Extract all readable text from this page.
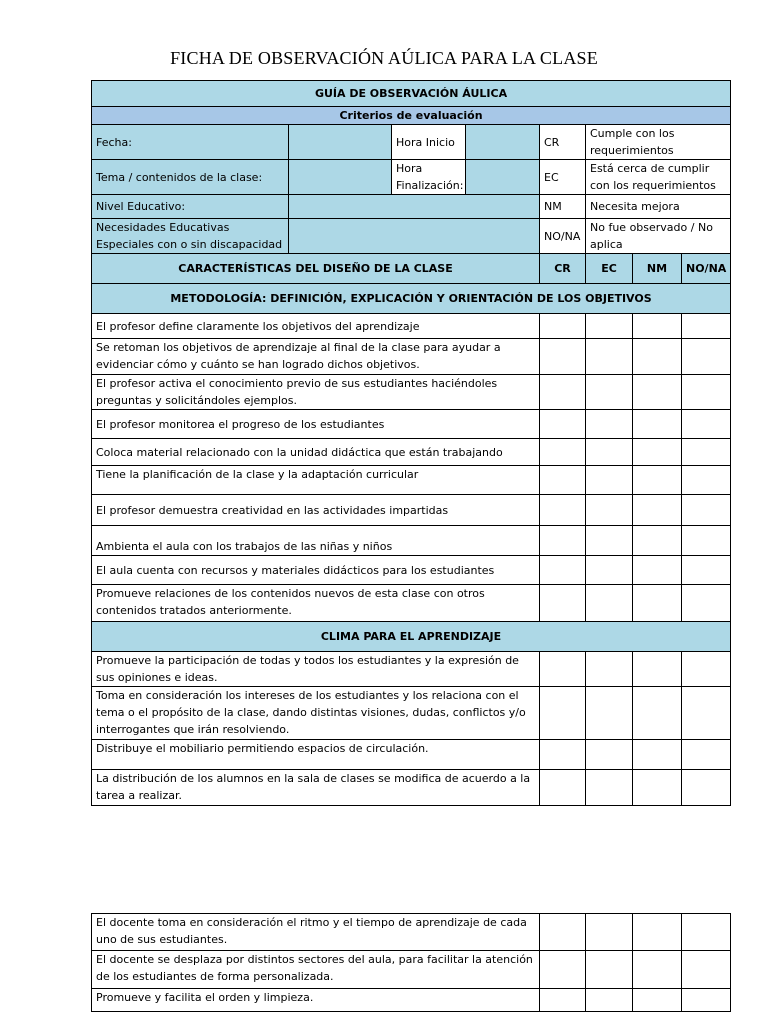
FICHA DE OBSERVACIÓN AÚLICA PARA LA CLASE
GUÍA DE OBSERVACIÓN ÁULICA							
Criterios de evaluación							
Fecha:		Hora Inicio		CR	Cumple con los requerimientos		
Tema / contenidos de la clase:		Hora Finalización:		EC	Está cerca de cumplir con los requerimientos		
Nivel Educativo:				NM	Necesita mejora		
Necesidades Educativas Especiales con o sin discapacidad				NO/NA	No fue observado / No aplica		
CARACTERÍSTICAS DEL DISEÑO DE LA CLASE				CR	EC	NM	NO/NA
METODOLOGÍA: DEFINICIÓN, EXPLICACIÓN Y ORIENTACIÓN DE LOS OBJETIVOS							
El profesor define claramente los objetivos del aprendizaje							
Se retoman los objetivos de aprendizaje al final de la clase para ayudar a evidenciar cómo y cuánto se han logrado dichos objetivos.							
El profesor activa el conocimiento previo de sus estudiantes haciéndoles preguntas y solicitándoles ejemplos.							
El profesor monitorea el progreso de los estudiantes							
Coloca material relacionado con la unidad didáctica que están trabajando							
Tiene la planificación de la clase y la adaptación curricular							
El profesor demuestra creatividad en las actividades impartidas							
Ambienta el aula con los trabajos de las niñas y niños							
El aula cuenta con recursos y materiales didácticos para los estudiantes							
Promueve relaciones de los contenidos nuevos de esta clase con otros contenidos tratados anteriormente.							
CLIMA PARA EL APRENDIZAJE							
Promueve la participación de todas y todos los estudiantes y la expresión de sus opiniones e ideas.							
Toma en consideración los intereses de los estudiantes y los relaciona con el tema o el propósito de la clase, dando distintas visiones, dudas, conflictos y/o interrogantes que irán resolviendo.							
Distribuye el mobiliario permitiendo espacios de circulación.							
La distribución de los alumnos en la sala de clases se modifica de acuerdo a la tarea a realizar.							
El docente toma en consideración el ritmo y el tiempo de aprendizaje de cada uno de sus estudiantes.				
El docente se desplaza por distintos sectores del aula, para facilitar la atención de los estudiantes de forma personalizada.				
Promueve y facilita el orden y limpieza.				
